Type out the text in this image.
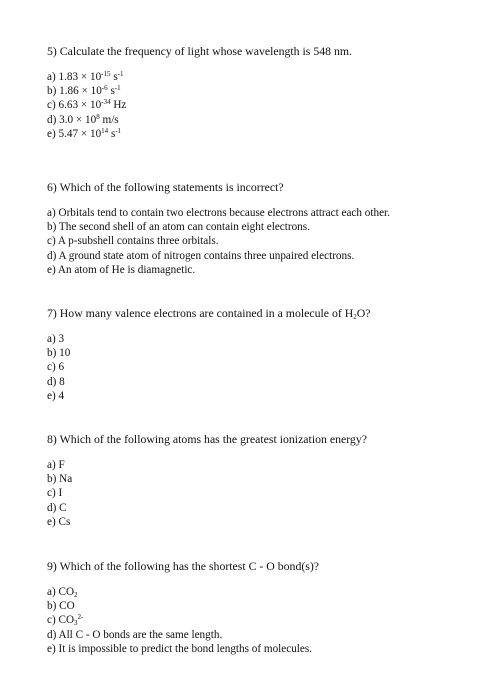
5) Calculate the frequency of light whose wavelength is 548 nm.
a) $1.83 \times 10^{-15}$ $s^{-1}$
b) $1.86 \times 10^{-6}$ $s^{-1}$
c) $6.63 \times 10^{-34}$ Hz
d) $3.0 \times 10^8$ m/s
e) $5.47 \times 10^{14}$ $s^{-1}$
6) Which of the following statements is incorrect?
a) Orbitals tend to contain two electrons because electrons attract each other.
b) The second shell of an atom can contain eight electrons.
c) A p-subshell contains three orbitals.
d) A ground state atom of nitrogen contains three unpaired electrons.
e) An atom of He is diamagnetic.
7) How many valence electrons are contained in a molecule of $H_2O$?
a) 3
b) 10
c) 6
d) 8
e) 4
8) Which of the following atoms has the greatest ionization energy?
a) F
b) Na
c) I
d) C
e) Cs
9) Which of the following has the shortest C - O bond(s)?
a) $CO_2$
b) CO
c) $CO_3^{2-}$
d) All C - O bonds are the same length.
e) It is impossible to predict the bond lengths of molecules.
